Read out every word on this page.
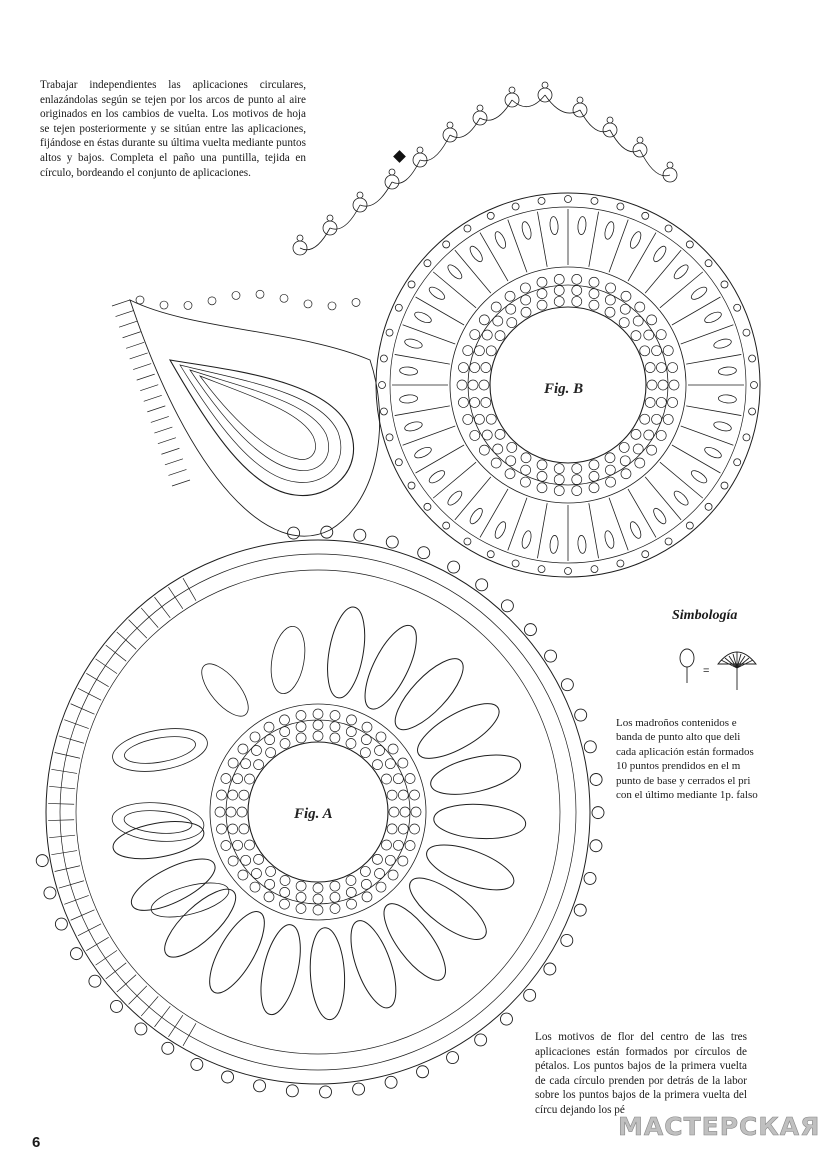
Trabajar independientes las aplicaciones circulares, enlazándolas según se tejen por los arcos de punto al aire originados en los cambios de vuelta. Los motivos de hoja se tejen posteriormente y se sitúan entre las aplicaciones, fijándose en éstas durante su última vuelta mediante puntos altos y bajos. Completa el paño una puntilla, tejida en círculo, bordeando el conjunto de aplicaciones.
Los madroños contenidos e
banda de punto alto que deli
cada aplicación están formados
10 puntos prendidos en el m
punto de base y cerrados el pri
con el último mediante 1p. falso
Los motivos de flor del centro de las tres aplicaciones están formados por círculos de pétalos. Los puntos bajos de la primera vuelta de cada círculo prenden por detrás de la labor sobre los puntos bajos de la primera vuelta del círcu dejando los pé
Simbología
6
МАСТЕРСКАЯ
Fig. B
Fig. A
=
